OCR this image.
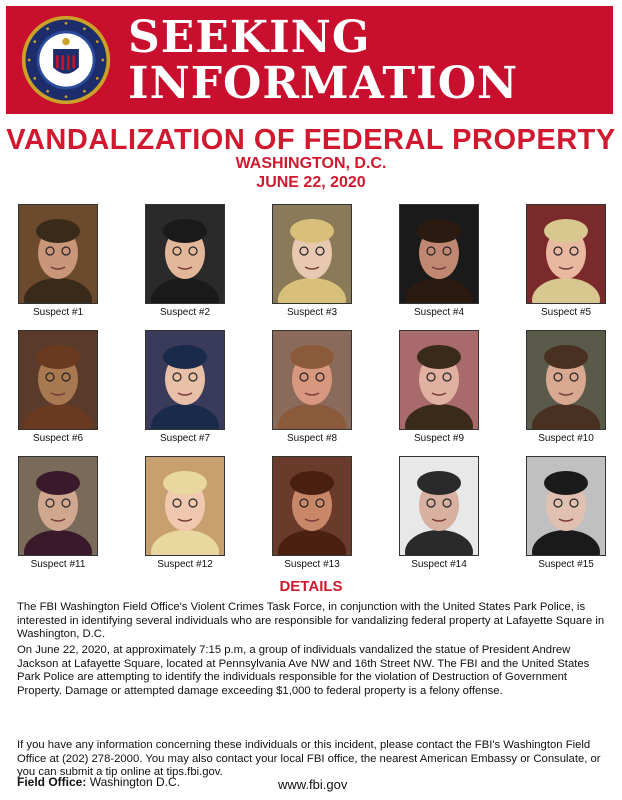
SEEKING
INFORMATION
VANDALIZATION OF FEDERAL PROPERTY
WASHINGTON, D.C.
JUNE 22, 2020
Suspect #1	Suspect #2	Suspect #3	Suspect #4	Suspect #5
Suspect #6	Suspect #7	Suspect #8	Suspect #9	Suspect #10
Suspect #11	Suspect #12	Suspect #13	Suspect #14	Suspect #15
DETAILS
The FBI Washington Field Office's Violent Crimes Task Force, in conjunction with the United States Park Police, is interested in identifying several individuals who are responsible for vandalizing federal property at Lafayette Square in Washington, D.C.
On June 22, 2020, at approximately 7:15 p.m, a group of individuals vandalized the statue of President Andrew Jackson at Lafayette Square, located at Pennsylvania Ave NW and 16th Street NW. The FBI and the United States Park Police are attempting to identify the individuals responsible for the violation of Destruction of Government Property. Damage or attempted damage exceeding $1,000 to federal property is a felony offense.
If you have any information concerning these individuals or this incident, please contact the FBI's Washington Field Office at (202) 278-2000. You may also contact your local FBI office, the nearest American Embassy or Consulate, or you can submit a tip online at tips.fbi.gov.
Field Office: Washington D.C.	www.fbi.gov
